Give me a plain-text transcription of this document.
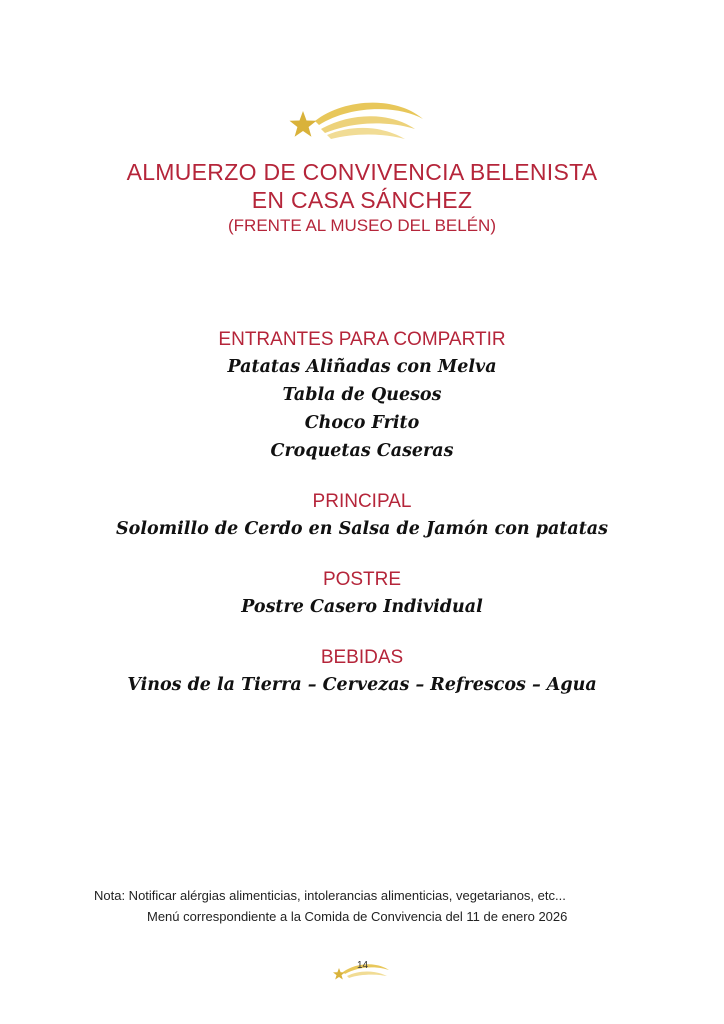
ALMUERZO DE CONVIVENCIA BELENISTA
EN CASA SÁNCHEZ
(FRENTE AL MUSEO DEL BELÉN)
ENTRANTES PARA COMPARTIR
Patatas Aliñadas con Melva
Tabla de Quesos
Choco Frito
Croquetas Caseras
PRINCIPAL
Solomillo de Cerdo en Salsa de Jamón con patatas
POSTRE
Postre Casero Individual
BEBIDAS
Vinos de la Tierra – Cervezas – Refrescos – Agua
Nota: Notificar alérgias alimenticias, intolerancias alimenticias, vegetarianos, etc...
Menú correspondiente a la Comida de Convivencia del 11 de enero 2026
14
